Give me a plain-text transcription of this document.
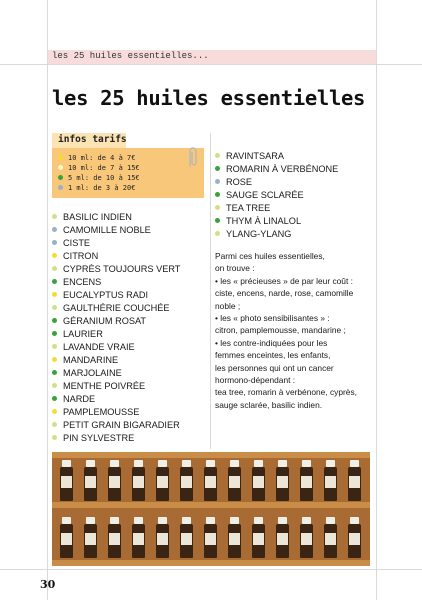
les 25 huiles essentielles...
les 25 huiles essentielles
infos tarifs
10 ml: de 4 à 7€
10 ml: de 7 à 15€
5 ml: de 10 à 15€
1 ml: de 3 à 20€
BASILIC INDIEN
CAMOMILLE NOBLE
CISTE
CITRON
CYPRÈS TOUJOURS VERT
ENCENS
EUCALYPTUS RADI
GAULTHÉRIE COUCHÉE
GÉRANIUM ROSAT
LAURIER
LAVANDE VRAIE
MANDARINE
MARJOLAINE
MENTHE POIVRÉE
NARDE
PAMPLEMOUSSE
PETIT GRAIN BIGARADIER
PIN SYLVESTRE
RAVINTSARA
ROMARIN À VERBÉNONE
ROSE
SAUGE SCLARÉE
TEA TREE
THYM À LINALOL
YLANG-YLANG
Parmi ces huiles essentielles,
on trouve :
• les « précieuses » de par leur coût :
ciste, encens, narde, rose, camomille
noble ;
• les « photo sensibilisantes » :
citron, pamplemousse, mandarine ;
• les contre-indiquées pour les
femmes enceintes, les enfants,
les personnes qui ont un cancer
hormono-dépendant :
tea tree, romarin à verbénone, cyprès,
sauge sclarée, basilic indien.
30
